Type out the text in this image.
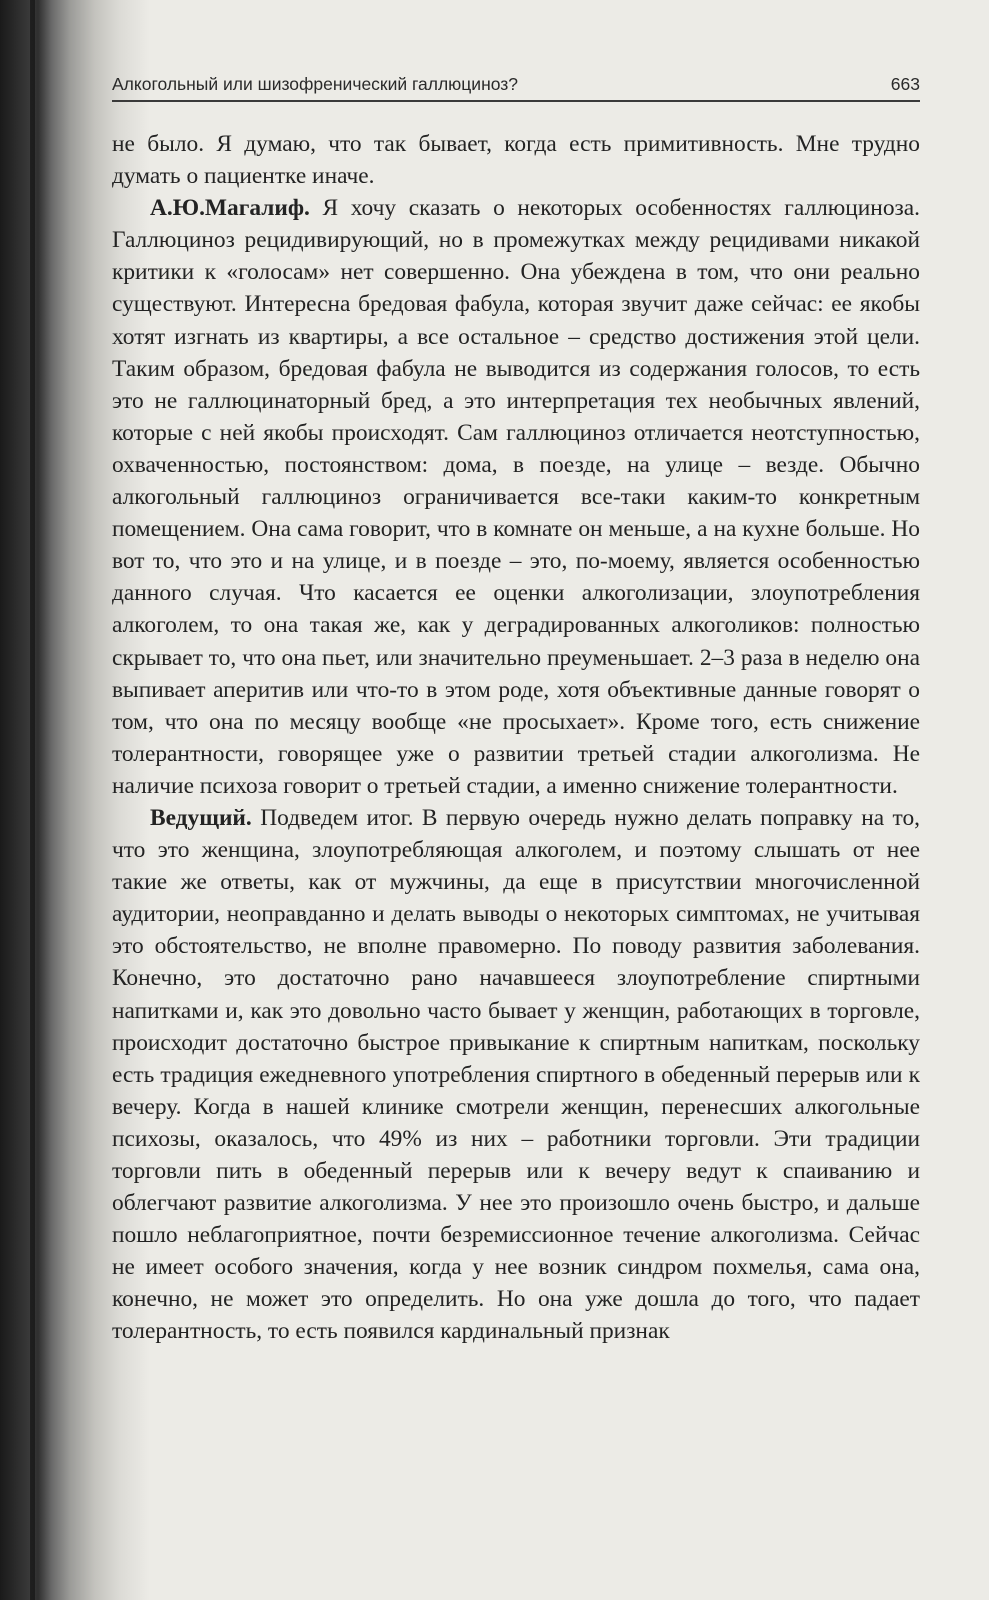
Алкогольный или шизофренический галлюциноз?	663

не было. Я думаю, что так бывает, когда есть примитивность. Мне трудно думать о пациентке иначе.

А.Ю.Магалиф. Я хочу сказать о некоторых особенностях галлюциноза. Галлюциноз рецидивирующий, но в промежутках между рецидивами никакой критики к «голосам» нет совершенно. Она убеждена в том, что они реально существуют. Интересна бредовая фабула, которая звучит даже сейчас: ее якобы хотят изгнать из квартиры, а все остальное – средство достижения этой цели. Таким образом, бредовая фабула не выводится из содержания голосов, то есть это не галлюцинаторный бред, а это интерпретация тех необычных явлений, которые с ней якобы происходят. Сам галлюциноз отличается неотступностью, охваченностью, постоянством: дома, в поезде, на улице – везде. Обычно алкогольный галлюциноз ограничивается все-таки каким-то конкретным помещением. Она сама говорит, что в комнате он меньше, а на кухне больше. Но вот то, что это и на улице, и в поезде – это, по-моему, является особенностью данного случая. Что касается ее оценки алкоголизации, злоупотребления алкоголем, то она такая же, как у деградированных алкоголиков: полностью скрывает то, что она пьет, или значительно преуменьшает. 2–3 раза в неделю она выпивает аперитив или что-то в этом роде, хотя объективные данные говорят о том, что она по месяцу вообще «не просыхает». Кроме того, есть снижение толерантности, говорящее уже о развитии третьей стадии алкоголизма. Не наличие психоза говорит о третьей стадии, а именно снижение толерантности.

Ведущий. Подведем итог. В первую очередь нужно делать поправку на то, что это женщина, злоупотребляющая алкоголем, и поэтому слышать от нее такие же ответы, как от мужчины, да еще в присутствии многочисленной аудитории, неоправданно и делать выводы о некоторых симптомах, не учитывая это обстоятельство, не вполне правомерно. По поводу развития заболевания. Конечно, это достаточно рано начавшееся злоупотребление спиртными напитками и, как это довольно часто бывает у женщин, работающих в торговле, происходит достаточно быстрое привыкание к спиртным напиткам, поскольку есть традиция ежедневного употребления спиртного в обеденный перерыв или к вечеру. Когда в нашей клинике смотрели женщин, перенесших алкогольные психозы, оказалось, что 49% из них – работники торговли. Эти традиции торговли пить в обеденный перерыв или к вечеру ведут к спаиванию и облегчают развитие алкоголизма. У нее это произошло очень быстро, и дальше пошло неблагоприятное, почти безремиссионное течение алкоголизма. Сейчас не имеет особого значения, когда у нее возник синдром похмелья, сама она, конечно, не может это определить. Но она уже дошла до того, что падает толерантность, то есть появился кардинальный признак
